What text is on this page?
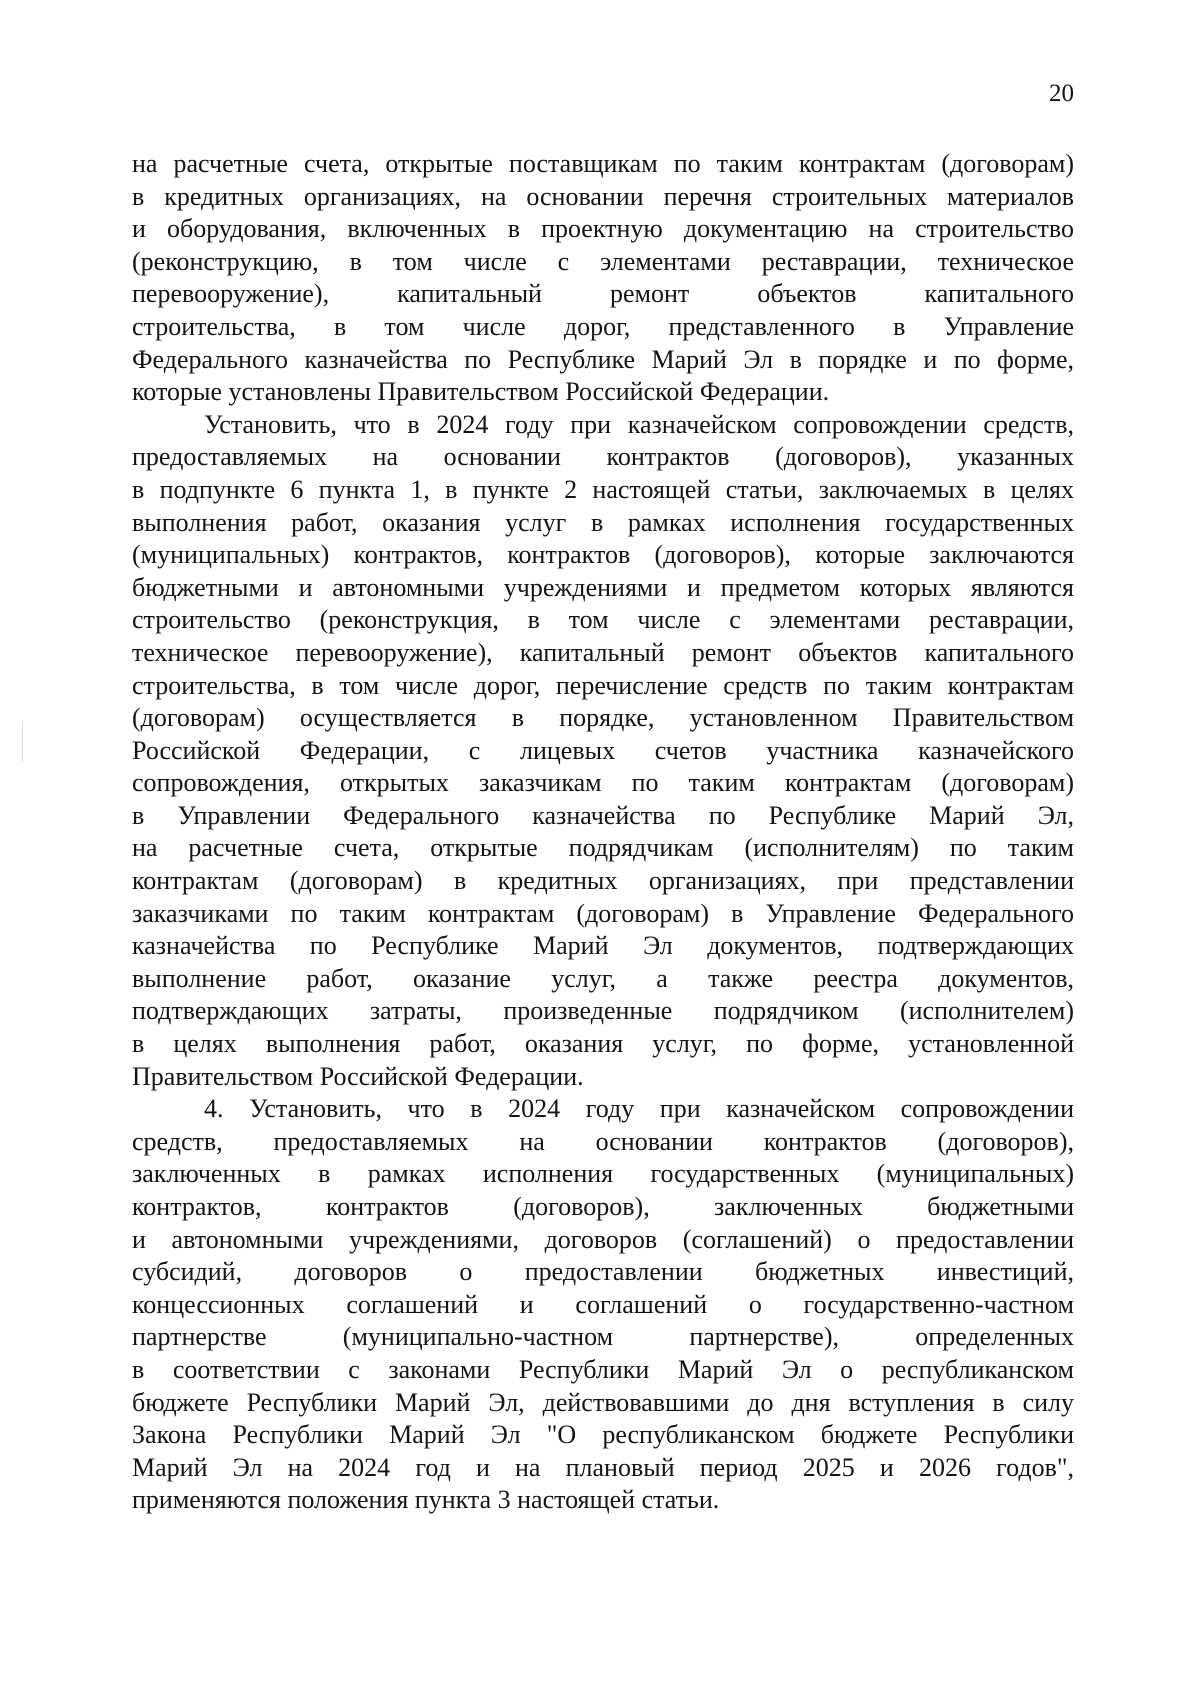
20
на расчетные счета, открытые поставщикам по таким контрактам (договорам)
в кредитных организациях, на основании перечня строительных материалов
и оборудования, включенных в проектную документацию на строительство
(реконструкцию, в том числе с элементами реставрации, техническое
перевооружение), капитальный ремонт объектов капитального
строительства, в том числе дорог, представленного в Управление
Федерального казначейства по Республике Марий Эл в порядке и по форме,
которые установлены Правительством Российской Федерации.
Установить, что в 2024 году при казначейском сопровождении средств,
предоставляемых на основании контрактов (договоров), указанных
в подпункте 6 пункта 1, в пункте 2 настоящей статьи, заключаемых в целях
выполнения работ, оказания услуг в рамках исполнения государственных
(муниципальных) контрактов, контрактов (договоров), которые заключаются
бюджетными и автономными учреждениями и предметом которых являются
строительство (реконструкция, в том числе с элементами реставрации,
техническое перевооружение), капитальный ремонт объектов капитального
строительства, в том числе дорог, перечисление средств по таким контрактам
(договорам) осуществляется в порядке, установленном Правительством
Российской Федерации, с лицевых счетов участника казначейского
сопровождения, открытых заказчикам по таким контрактам (договорам)
в Управлении Федерального казначейства по Республике Марий Эл,
на расчетные счета, открытые подрядчикам (исполнителям) по таким
контрактам (договорам) в кредитных организациях, при представлении
заказчиками по таким контрактам (договорам) в Управление Федерального
казначейства по Республике Марий Эл документов, подтверждающих
выполнение работ, оказание услуг, а также реестра документов,
подтверждающих затраты, произведенные подрядчиком (исполнителем)
в целях выполнения работ, оказания услуг, по форме, установленной
Правительством Российской Федерации.
4. Установить, что в 2024 году при казначейском сопровождении
средств, предоставляемых на основании контрактов (договоров),
заключенных в рамках исполнения государственных (муниципальных)
контрактов, контрактов (договоров), заключенных бюджетными
и автономными учреждениями, договоров (соглашений) о предоставлении
субсидий, договоров о предоставлении бюджетных инвестиций,
концессионных соглашений и соглашений о государственно-частном
партнерстве (муниципально-частном партнерстве), определенных
в соответствии с законами Республики Марий Эл о республиканском
бюджете Республики Марий Эл, действовавшими до дня вступления в силу
Закона Республики Марий Эл "О республиканском бюджете Республики
Марий Эл на 2024 год и на плановый период 2025 и 2026 годов",
применяются положения пункта 3 настоящей статьи.
